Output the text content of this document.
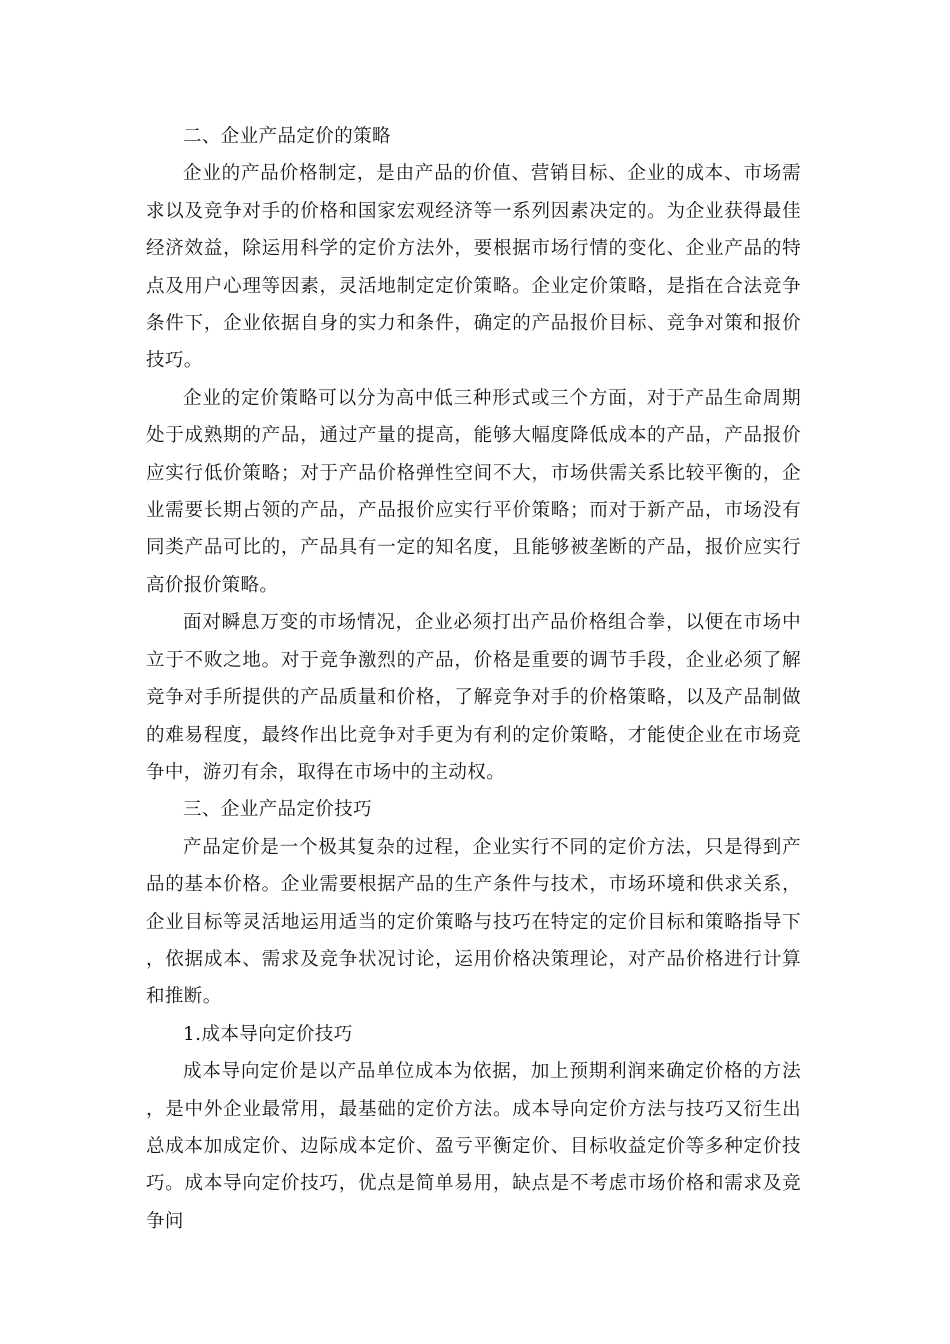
二、企业产品定价的策略

企业的产品价格制定，是由产品的价值、营销目标、企业的成本、市场需求以及竞争对手的价格和国家宏观经济等一系列因素决定的。为企业获得最佳经济效益，除运用科学的定价方法外，要根据市场行情的变化、企业产品的特点及用户心理等因素，灵活地制定定价策略。企业定价策略，是指在合法竞争条件下，企业依据自身的实力和条件，确定的产品报价目标、竞争对策和报价技巧。

企业的定价策略可以分为高中低三种形式或三个方面，对于产品生命周期处于成熟期的产品，通过产量的提高，能够大幅度降低成本的产品，产品报价应实行低价策略；对于产品价格弹性空间不大，市场供需关系比较平衡的，企业需要长期占领的产品，产品报价应实行平价策略；而对于新产品，市场没有同类产品可比的，产品具有一定的知名度，且能够被垄断的产品，报价应实行高价报价策略。

面对瞬息万变的市场情况，企业必须打出产品价格组合拳，以便在市场中立于不败之地。对于竞争激烈的产品，价格是重要的调节手段，企业必须了解竞争对手所提供的产品质量和价格，了解竞争对手的价格策略，以及产品制做的难易程度，最终作出比竞争对手更为有利的定价策略，才能使企业在市场竞争中，游刃有余，取得在市场中的主动权。

三、企业产品定价技巧

产品定价是一个极其复杂的过程，企业实行不同的定价方法，只是得到产品的基本价格。企业需要根据产品的生产条件与技术，市场环境和供求关系，企业目标等灵活地运用适当的定价策略与技巧在特定的定价目标和策略指导下，依据成本、需求及竞争状况讨论，运用价格决策理论，对产品价格进行计算和推断。

1.成本导向定价技巧

成本导向定价是以产品单位成本为依据，加上预期利润来确定价格的方法，是中外企业最常用，最基础的定价方法。成本导向定价方法与技巧又衍生出总成本加成定价、边际成本定价、盈亏平衡定价、目标收益定价等多种定价技巧。成本导向定价技巧，优点是简单易用，缺点是不考虑市场价格和需求及竞争问
